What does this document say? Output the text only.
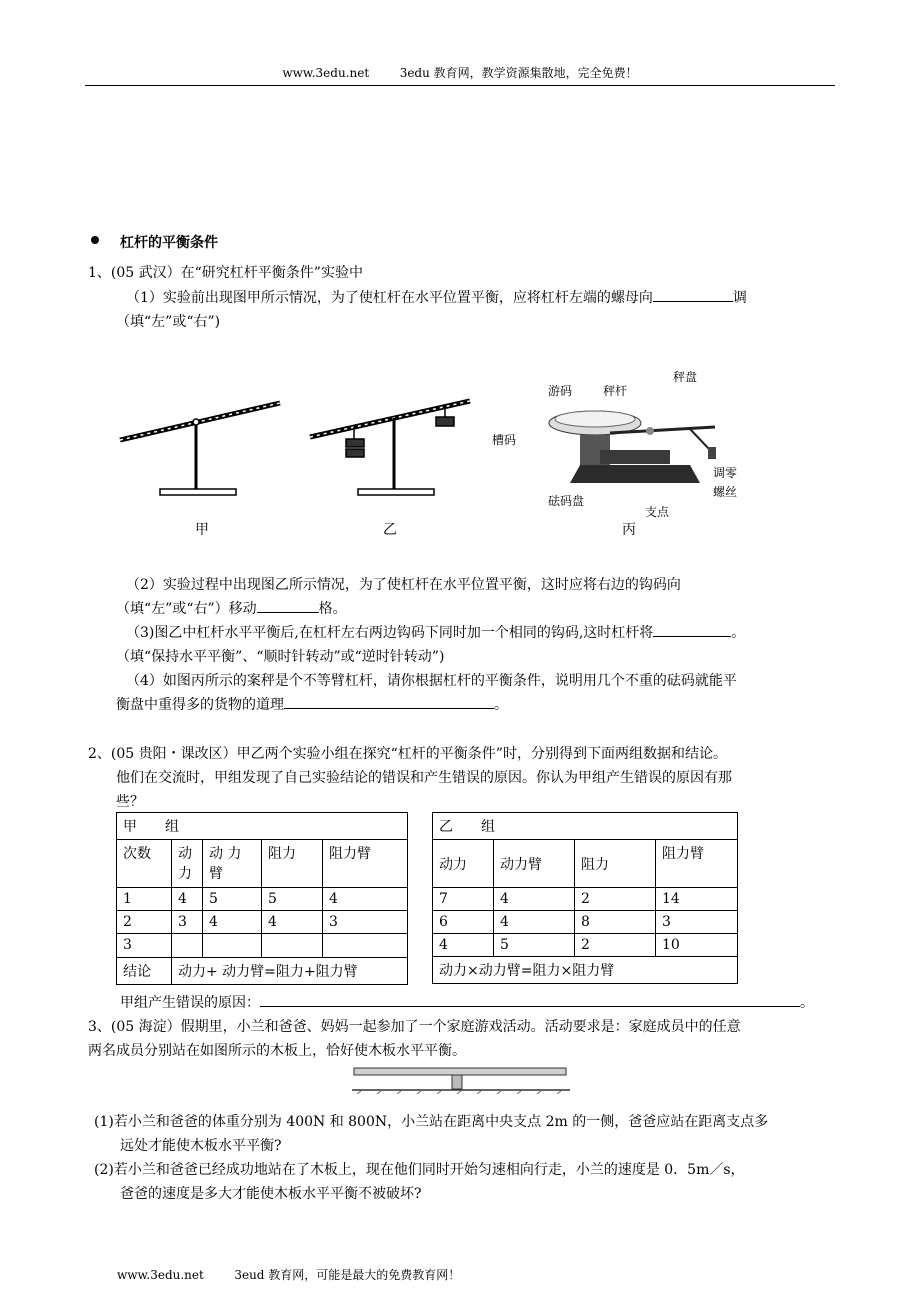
www.3edu.net	3edu 教育网，教学资源集散地，完全免费！
杠杆的平衡条件
1、(05 武汉）在“研究杠杆平衡条件”实验中
（1）实验前出现图甲所示情况，为了使杠杆在水平位置平衡，应将杠杆左端的螺母向	调
（填“左”或“右”)
甲	乙
游码	秤杆
秤盘
槽码
调零
螺丝
砝码盘
支点
丙
（2）实验过程中出现图乙所示情况，为了使杠杆在水平位置平衡，这时应将右边的钩码向
（填“左”或“右”）移动	格。
（3)图乙中杠杆水平平衡后,在杠杆左右两边钩码下同时加一个相同的钩码,这时杠杆将	。
（填“保持水平平衡”、“顺时针转动”或“逆时针转动”)
（4）如图丙所示的案秤是个不等臂杠杆，请你根据杠杆的平衡条件，说明用几个不重的砝码就能平
衡盘中重得多的货物的道理	。
2、(05 贵阳・课改区）甲乙两个实验小组在探究“杠杆的平衡条件”时，分别得到下面两组数据和结论。
他们在交流时，甲组发现了自己实验结论的错误和产生错误的原因。你认为甲组产生错误的原因有那
些？
甲　　组				
次数	动力	动 力臂	阻力	阻力臂
1	4	5	5	4
2	3	4	4	3
3				
结论	动力+ 动力臂=阻力+阻力臂			
乙　　组			
动力	动力臂	阻力	阻力臂
7	4	2	14
6	4	8	3
4	5	2	10
动力×动力臂=阻力×阻力臂			
甲组产生错误的原因：	。
3、(05 海淀）假期里，小兰和爸爸、妈妈一起参加了一个家庭游戏活动。活动要求是：家庭成员中的任意
两名成员分别站在如图所示的木板上，恰好使木板水平平衡。
(1)若小兰和爸爸的体重分别为 400N 和 800N，小兰站在距离中央支点 2m 的一侧，爸爸应站在距离支点多
远处才能使木板水平平衡?
(2)若小兰和爸爸已经成功地站在了木板上，现在他们同时开始匀速相向行走，小兰的速度是 0．5m／s，
爸爸的速度是多大才能使木板水平平衡不被破坏?
www.3edu.net	3eud 教育网，可能是最大的免费教育网！
